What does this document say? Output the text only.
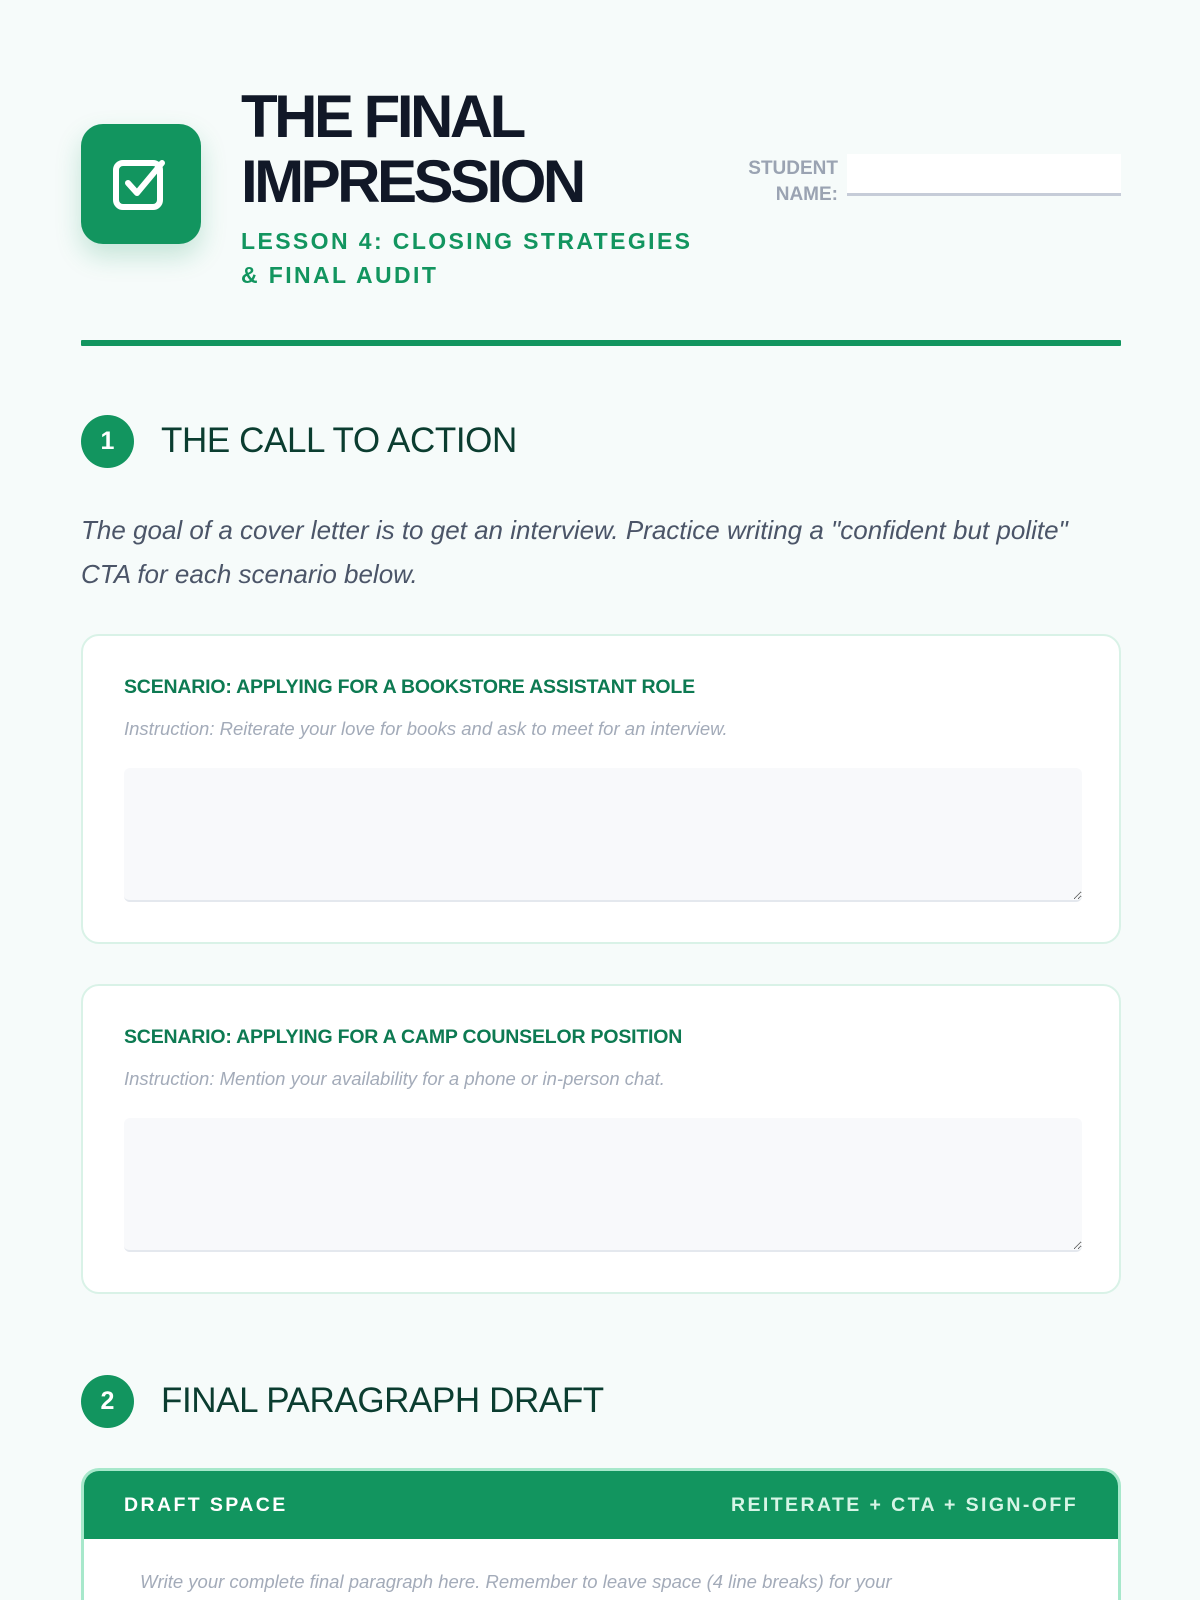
THE FINAL IMPRESSION
LESSON 4: CLOSING STRATEGIES & FINAL AUDIT
STUDENT NAME:
1	THE CALL TO ACTION

The goal of a cover letter is to get an interview. Practice writing a "confident but polite" CTA for each scenario below.

SCENARIO: APPLYING FOR A BOOKSTORE ASSISTANT ROLE
Instruction: Reiterate your love for books and ask to meet for an interview.
SCENARIO: APPLYING FOR A CAMP COUNSELOR POSITION
Instruction: Mention your availability for a phone or in-person chat.
2	FINAL PARAGRAPH DRAFT
DRAFT SPACE	REITERATE + CTA + SIGN-OFF
Write your complete final paragraph here. Remember to leave space (4 line breaks) for your
